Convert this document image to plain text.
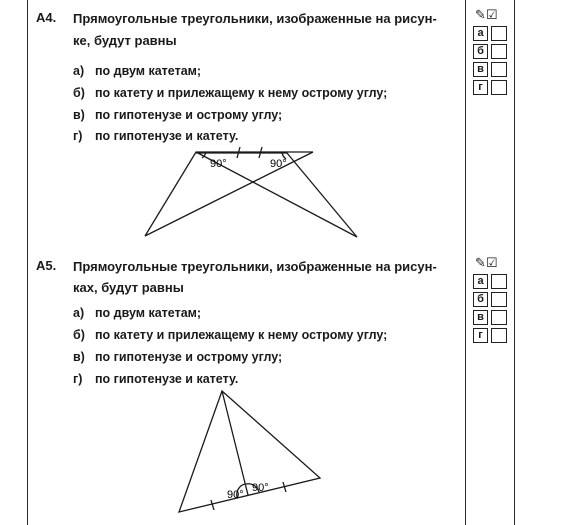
A4. Прямоугольные треугольники, изображенные на рисун-
ке, будут равны
а) по двум катетам;
б) по катету и прилежащему к нему острому углу;
в) по гипотенузе и острому углу;
г) по гипотенузе и катету.
90°	90°
✎☑
а
б
в
г
А5. Прямоугольные треугольники, изображенные на рисун-
ках, будут равны
а) по двум катетам;
б) по катету и прилежащему к нему острому углу;
в) по гипотенузе и острому углу;
г) по гипотенузе и катету.
90°
90°
✎☑
а
б
в
г
